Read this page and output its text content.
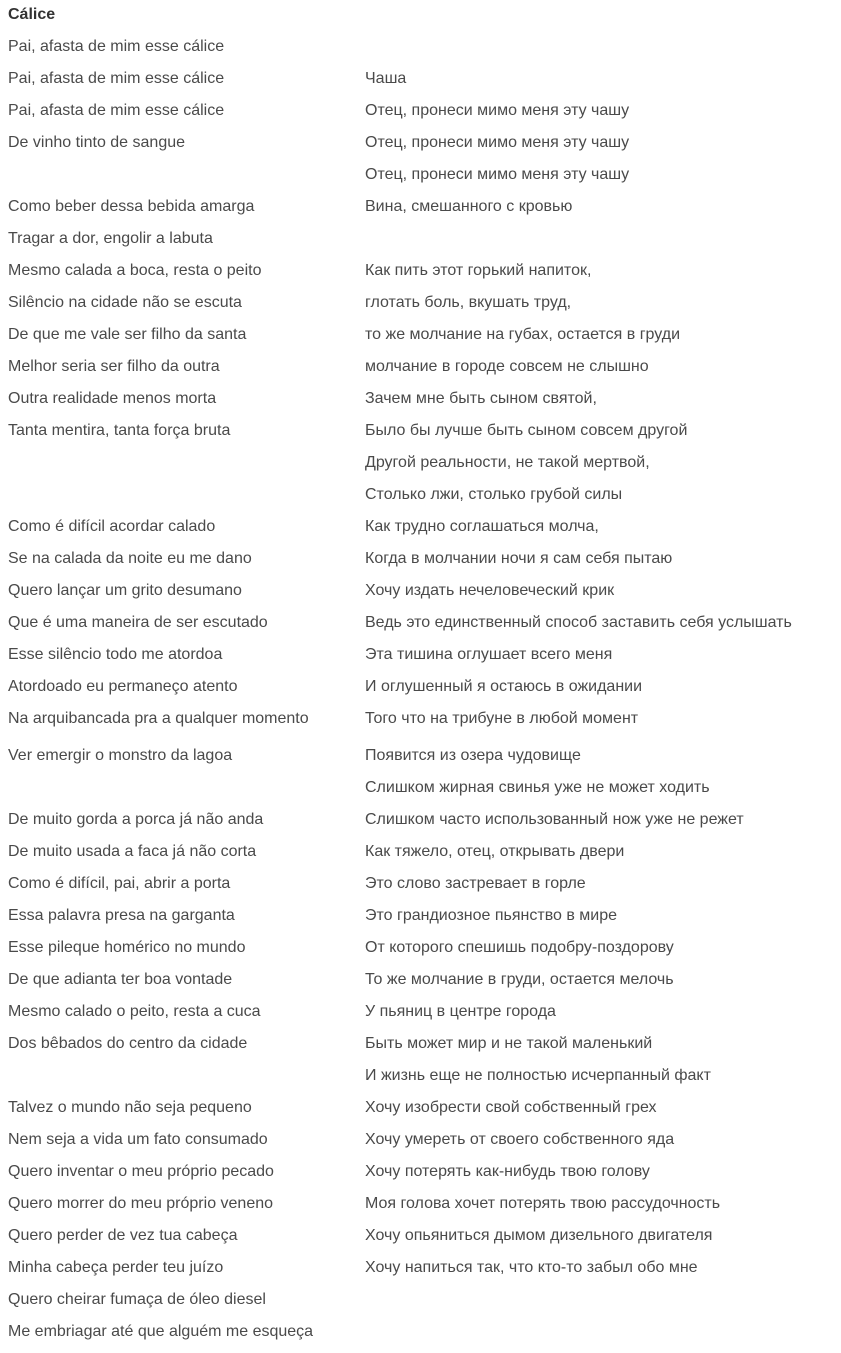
Cálice
Pai, afasta de mim esse cálice
Pai, afasta de mim esse cálice
Pai, afasta de mim esse cálice
De vinho tinto de sangue
Como beber dessa bebida amarga
Tragar a dor, engolir a labuta
Mesmo calada a boca, resta o peito
Silêncio na cidade não se escuta
De que me vale ser filho da santa
Melhor seria ser filho da outra
Outra realidade menos morta
Tanta mentira, tanta força bruta
Como é difícil acordar calado
Se na calada da noite eu me dano
Quero lançar um grito desumano
Que é uma maneira de ser escutado
Esse silêncio todo me atordoa
Atordoado eu permaneço atento
Na arquibancada pra a qualquer momento
Ver emergir o monstro da lagoa
De muito gorda a porca já não anda
De muito usada a faca já não corta
Como é difícil, pai, abrir a porta
Essa palavra presa na garganta
Esse pileque homérico no mundo
De que adianta ter boa vontade
Mesmo calado o peito, resta a cuca
Dos bêbados do centro da cidade
Talvez o mundo não seja pequeno
Nem seja a vida um fato consumado
Quero inventar o meu próprio pecado
Quero morrer do meu próprio veneno
Quero perder de vez tua cabeça
Minha cabeça perder teu juízo
Quero cheirar fumaça de óleo diesel
Me embriagar até que alguém me esqueça
Чаша
Отец, пронеси мимо меня эту чашу
Отец, пронеси мимо меня эту чашу
Отец, пронеси мимо меня эту чашу
Вина, смешанного с кровью
Как пить этот горький напиток,
глотать боль, вкушать труд,
то же молчание на губах, остается в груди
молчание в городе совсем не слышно
Зачем мне быть сыном святой,
Было бы лучше быть сыном совсем другой
Другой реальности, не такой мертвой,
Столько лжи, столько грубой силы
Как трудно соглашаться молча,
Когда в молчании ночи я сам себя пытаю
Хочу издать нечеловеческий крик
Ведь это единственный способ заставить себя услышать
Эта тишина оглушает всего меня
И оглушенный я остаюсь в ожидании
Того что на трибуне в любой момент
Появится из озера чудовище
Слишком жирная свинья уже не может ходить
Слишком часто использованный нож уже не режет
Как тяжело, отец, открывать двери
Это слово застревает в горле
Это грандиозное пьянство в мире
От которого спешишь подобру-поздорову
То же молчание в груди, остается мелочь
У пьяниц в центре города
Быть может мир и не такой маленький
И жизнь еще не полностью исчерпанный факт
Хочу изобрести свой собственный грех
Хочу умереть от своего собственного яда
Хочу потерять как-нибудь твою голову
Моя голова хочет потерять твою рассудочность
Хочу опьяниться дымом дизельного двигателя
Хочу напиться так, что кто-то забыл обо мне
